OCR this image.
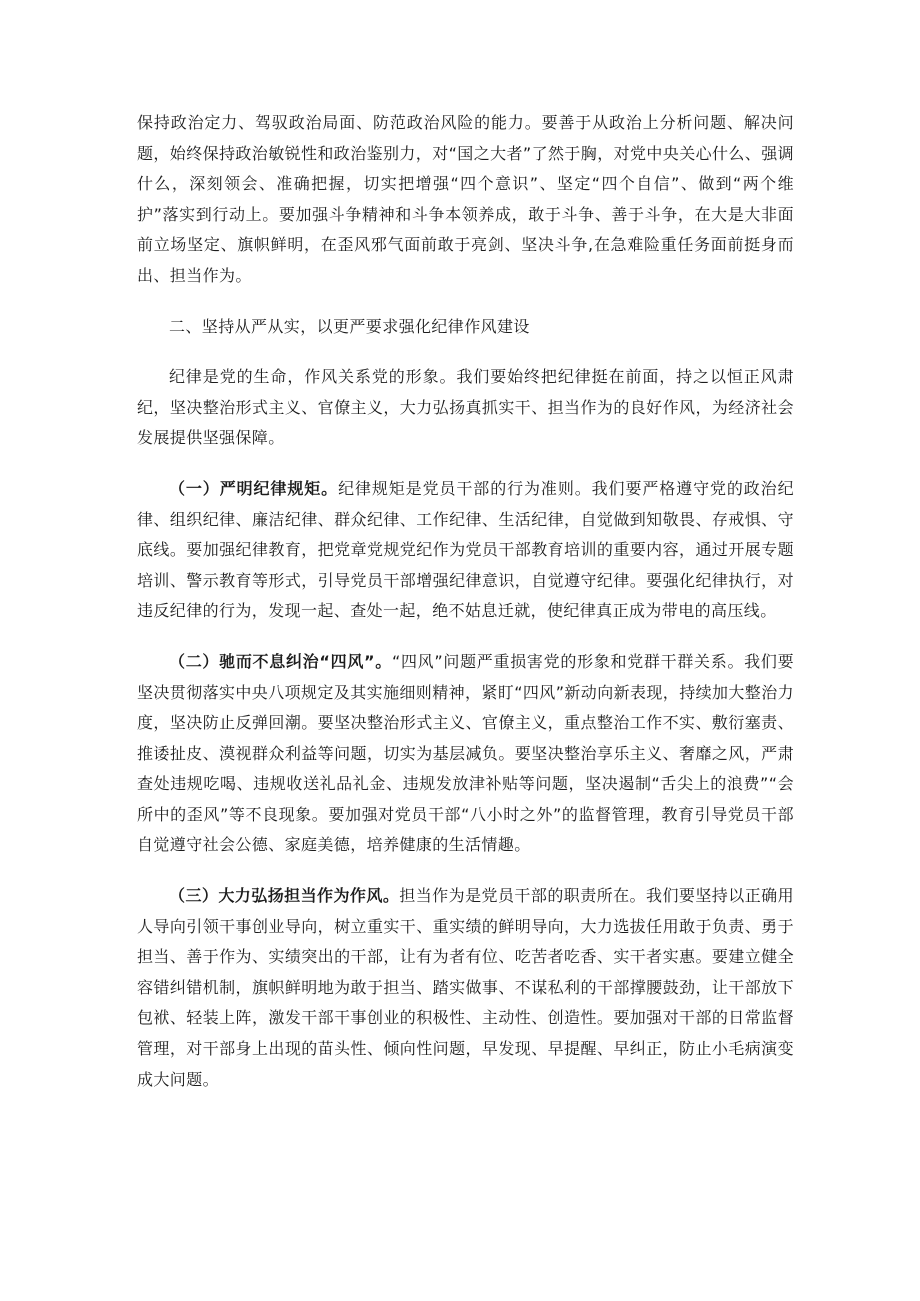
保持政治定力、驾驭政治局面、防范政治风险的能力。要善于从政治上分析问题、解决问题，始终保持政治敏锐性和政治鉴别力，对“国之大者”了然于胸，对党中央关心什么、强调什么，深刻领会、准确把握，切实把增强“四个意识”、坚定“四个自信”、做到“两个维护”落实到行动上。要加强斗争精神和斗争本领养成，敢于斗争、善于斗争，在大是大非面前立场坚定、旗帜鲜明，在歪风邪气面前敢于亮剑、坚决斗争,在急难险重任务面前挺身而出、担当作为。

二、坚持从严从实，以更严要求强化纪律作风建设

纪律是党的生命，作风关系党的形象。我们要始终把纪律挺在前面，持之以恒正风肃纪，坚决整治形式主义、官僚主义，大力弘扬真抓实干、担当作为的良好作风，为经济社会发展提供坚强保障。

（一）严明纪律规矩。纪律规矩是党员干部的行为准则。我们要严格遵守党的政治纪律、组织纪律、廉洁纪律、群众纪律、工作纪律、生活纪律，自觉做到知敬畏、存戒惧、守底线。要加强纪律教育，把党章党规党纪作为党员干部教育培训的重要内容，通过开展专题培训、警示教育等形式，引导党员干部增强纪律意识，自觉遵守纪律。要强化纪律执行，对违反纪律的行为，发现一起、查处一起，绝不姑息迁就，使纪律真正成为带电的高压线。

（二）驰而不息纠治“四风”。“四风”问题严重损害党的形象和党群干群关系。我们要坚决贯彻落实中央八项规定及其实施细则精神，紧盯“四风”新动向新表现，持续加大整治力度，坚决防止反弹回潮。要坚决整治形式主义、官僚主义，重点整治工作不实、敷衍塞责、推诿扯皮、漠视群众利益等问题，切实为基层减负。要坚决整治享乐主义、奢靡之风，严肃查处违规吃喝、违规收送礼品礼金、违规发放津补贴等问题，坚决遏制“舌尖上的浪费”“会所中的歪风”等不良现象。要加强对党员干部“八小时之外”的监督管理，教育引导党员干部自觉遵守社会公德、家庭美德，培养健康的生活情趣。

（三）大力弘扬担当作为作风。担当作为是党员干部的职责所在。我们要坚持以正确用人导向引领干事创业导向，树立重实干、重实绩的鲜明导向，大力选拔任用敢于负责、勇于担当、善于作为、实绩突出的干部，让有为者有位、吃苦者吃香、实干者实惠。要建立健全容错纠错机制，旗帜鲜明地为敢于担当、踏实做事、不谋私利的干部撑腰鼓劲，让干部放下包袱、轻装上阵，激发干部干事创业的积极性、主动性、创造性。要加强对干部的日常监督管理，对干部身上出现的苗头性、倾向性问题，早发现、早提醒、早纠正，防止小毛病演变成大问题。
